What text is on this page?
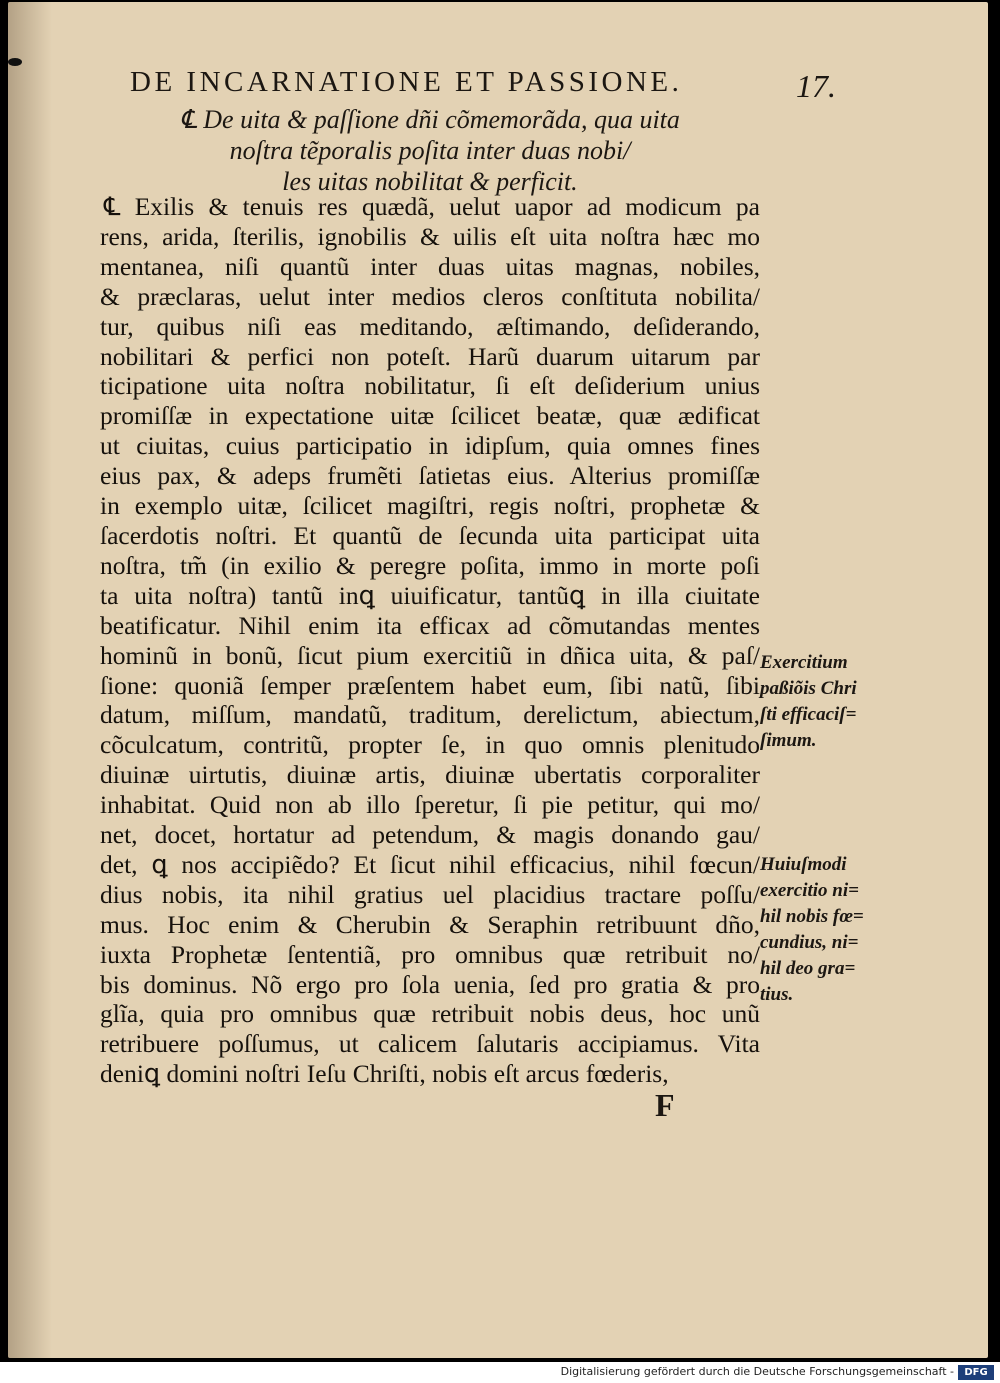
DE INCARNATIONE ET PASSIONE.	17.
℄ De uita & paſſione dñi cõmemorãda, qua uita
noſtra tẽporalis poſita inter duas nobi/
les uitas nobilitat & perficit.
℄ Exilis & tenuis res quædã, uelut uapor ad modicum pa
rens, arida, ſterilis, ignobilis & uilis eſt uita noſtra hæc mo
mentanea, niſi quantũ inter duas uitas magnas, nobiles,
& præclaras, uelut inter medios cleros conſtituta nobilita/
tur, quibus niſi eas meditando, æſtimando, deſiderando,
nobilitari & perfici non poteſt. Harũ duarum uitarum par
ticipatione uita noſtra nobilitatur, ſi eſt deſiderium unius
promiſſæ in expectatione uitæ ſcilicet beatæ, quæ ædificat
ut ciuitas, cuius participatio in idipſum, quia omnes fines
eius pax, & adeps frumẽti ſatietas eius. Alterius promiſſæ
in exemplo uitæ, ſcilicet magiſtri, regis noſtri, prophetæ &
ſacerdotis noſtri. Et quantũ de ſecunda uita participat uita
noſtra, tm̃ (in exilio & peregre poſita, immo in morte poſi
ta uita noſtra) tantũ inꝗ uiuificatur, tantũꝗ in illa ciuitate
beatificatur. Nihil enim ita efficax ad cõmutandas mentes
hominũ in bonũ, ſicut pium exercitiũ in dñica uita, & paſ/
ſione: quoniã ſemper præſentem habet eum, ſibi natũ, ſibi
datum, miſſum, mandatũ, traditum, derelictum, abiectum,
cõculcatum, contritũ, propter ſe, in quo omnis plenitudo
diuinæ uirtutis, diuinæ artis, diuinæ ubertatis corporaliter
inhabitat. Quid non ab illo ſperetur, ſi pie petitur, qui mo/
net, docet, hortatur ad petendum, & magis donando gau/
det, ꝗ nos accipiẽdo? Et ſicut nihil efficacius, nihil fœcun/
dius nobis, ita nihil gratius uel placidius tractare poſſu/
mus. Hoc enim & Cherubin & Seraphin retribuunt dño,
iuxta Prophetæ ſententiã, pro omnibus quæ retribuit no/
bis dominus. Nõ ergo pro ſola uenia, ſed pro gratia & pro
glĩa, quia pro omnibus quæ retribuit nobis deus, hoc unũ
retribuere poſſumus, ut calicem ſalutaris accipiamus. Vita
deniꝗ domini noſtri Ieſu Chriſti, nobis eſt arcus fœderis,
Exercitium
paßiõis Chri
ſti efficaciſ=
ſimum.
Huiuſmodi
exercitio ni=
hil nobis fœ=
cundius, ni=
hil deo gra=
tius.
F
Digitalisierung gefördert durch die Deutsche Forschungsgemeinschaft -	DFG
